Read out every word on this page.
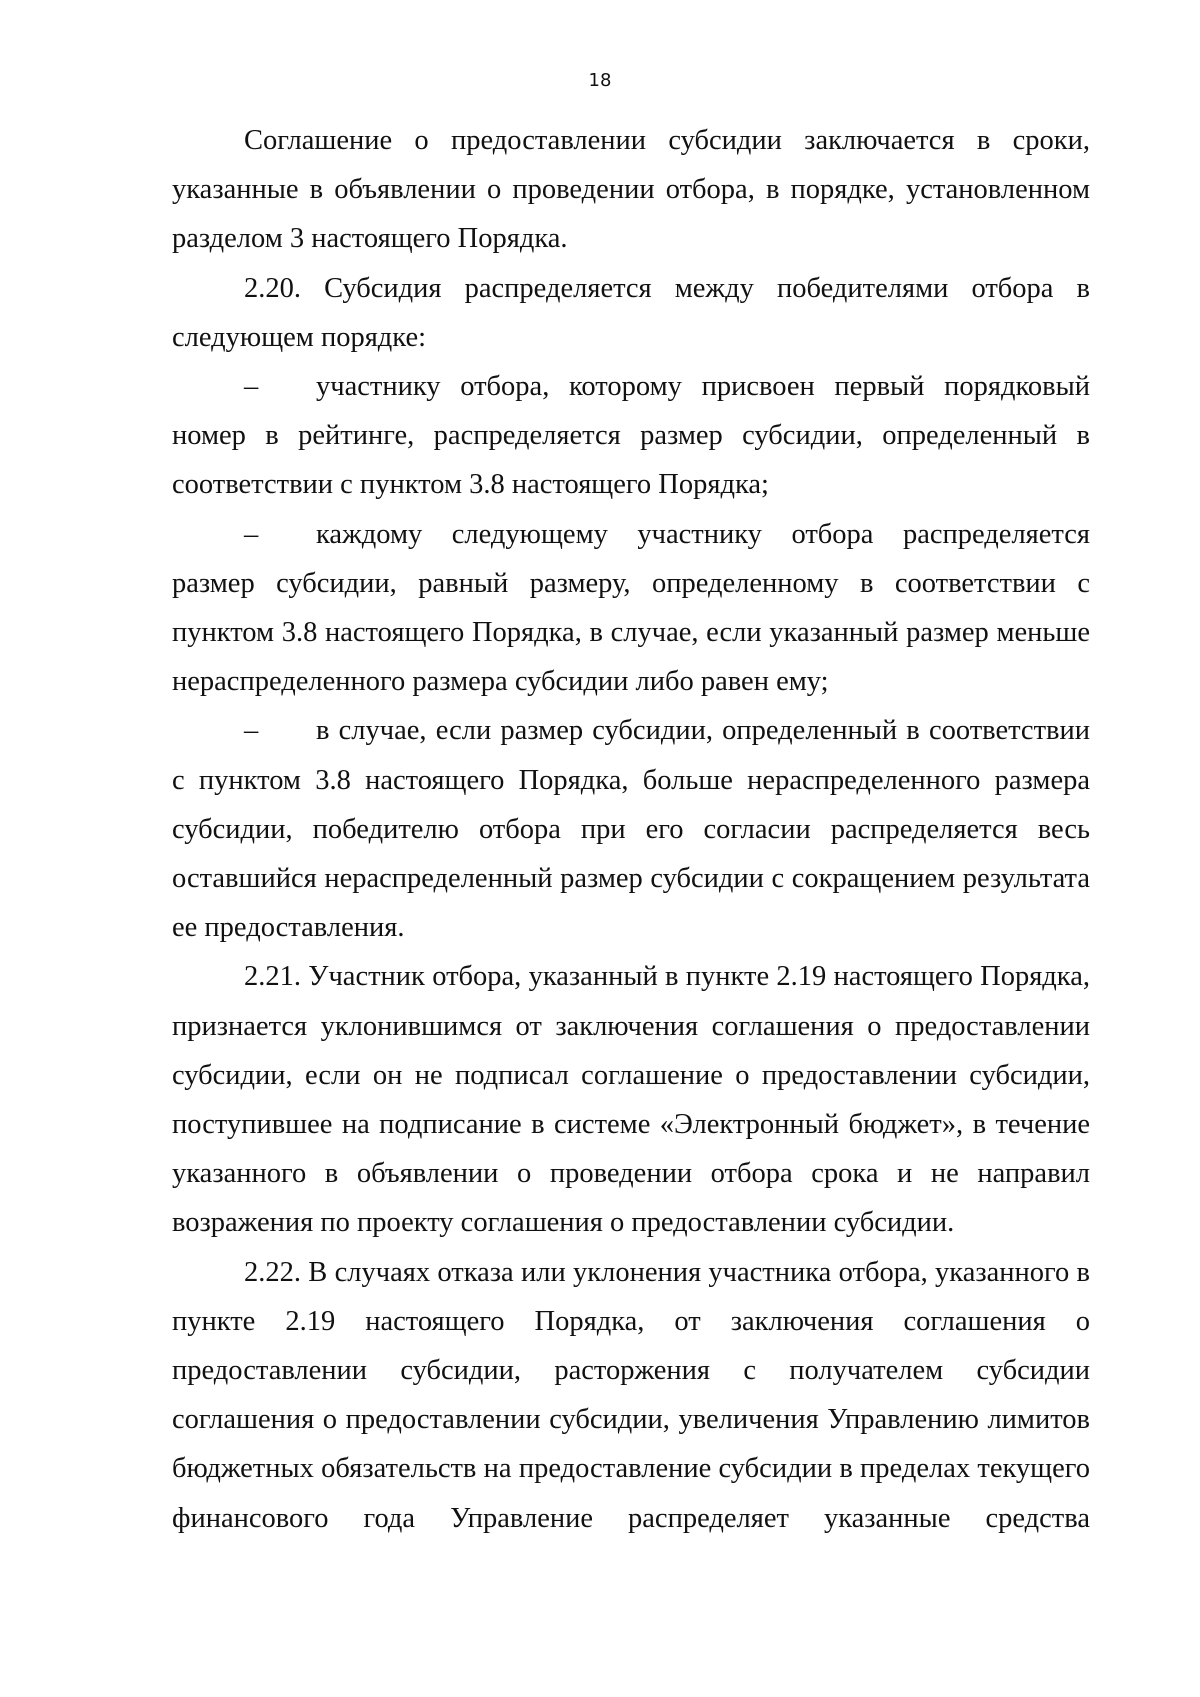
18

Соглашение о предоставлении субсидии заключается в сроки, указанные в объявлении о проведении отбора, в порядке, установленном разделом 3 настоящего Порядка.

2.20. Субсидия распределяется между победителями отбора в следующем порядке:

– участнику отбора, которому присвоен первый порядковый номер в рейтинге, распределяется размер субсидии, определенный в соответствии с пунктом 3.8 настоящего Порядка;

– каждому следующему участнику отбора распределяется размер субсидии, равный размеру, определенному в соответствии с пунктом 3.8 настоящего Порядка, в случае, если указанный размер меньше нераспределенного размера субсидии либо равен ему;

– в случае, если размер субсидии, определенный в соответствии с пунктом 3.8 настоящего Порядка, больше нераспределенного размера субсидии, победителю отбора при его согласии распределяется весь оставшийся нераспределенный размер субсидии с сокращением результата ее предоставления.

2.21. Участник отбора, указанный в пункте 2.19 настоящего Порядка, признается уклонившимся от заключения соглашения о предоставлении субсидии, если он не подписал соглашение о предоставлении субсидии, поступившее на подписание в системе «Электронный бюджет», в течение указанного в объявлении о проведении отбора срока и не направил возражения по проекту соглашения о предоставлении субсидии.

2.22. В случаях отказа или уклонения участника отбора, указанного в пункте 2.19 настоящего Порядка, от заключения соглашения о предоставлении субсидии, расторжения с получателем субсидии соглашения о предоставлении субсидии, увеличения Управлению лимитов бюджетных обязательств на предоставление субсидии в пределах текущего финансового года Управление распределяет указанные средства
